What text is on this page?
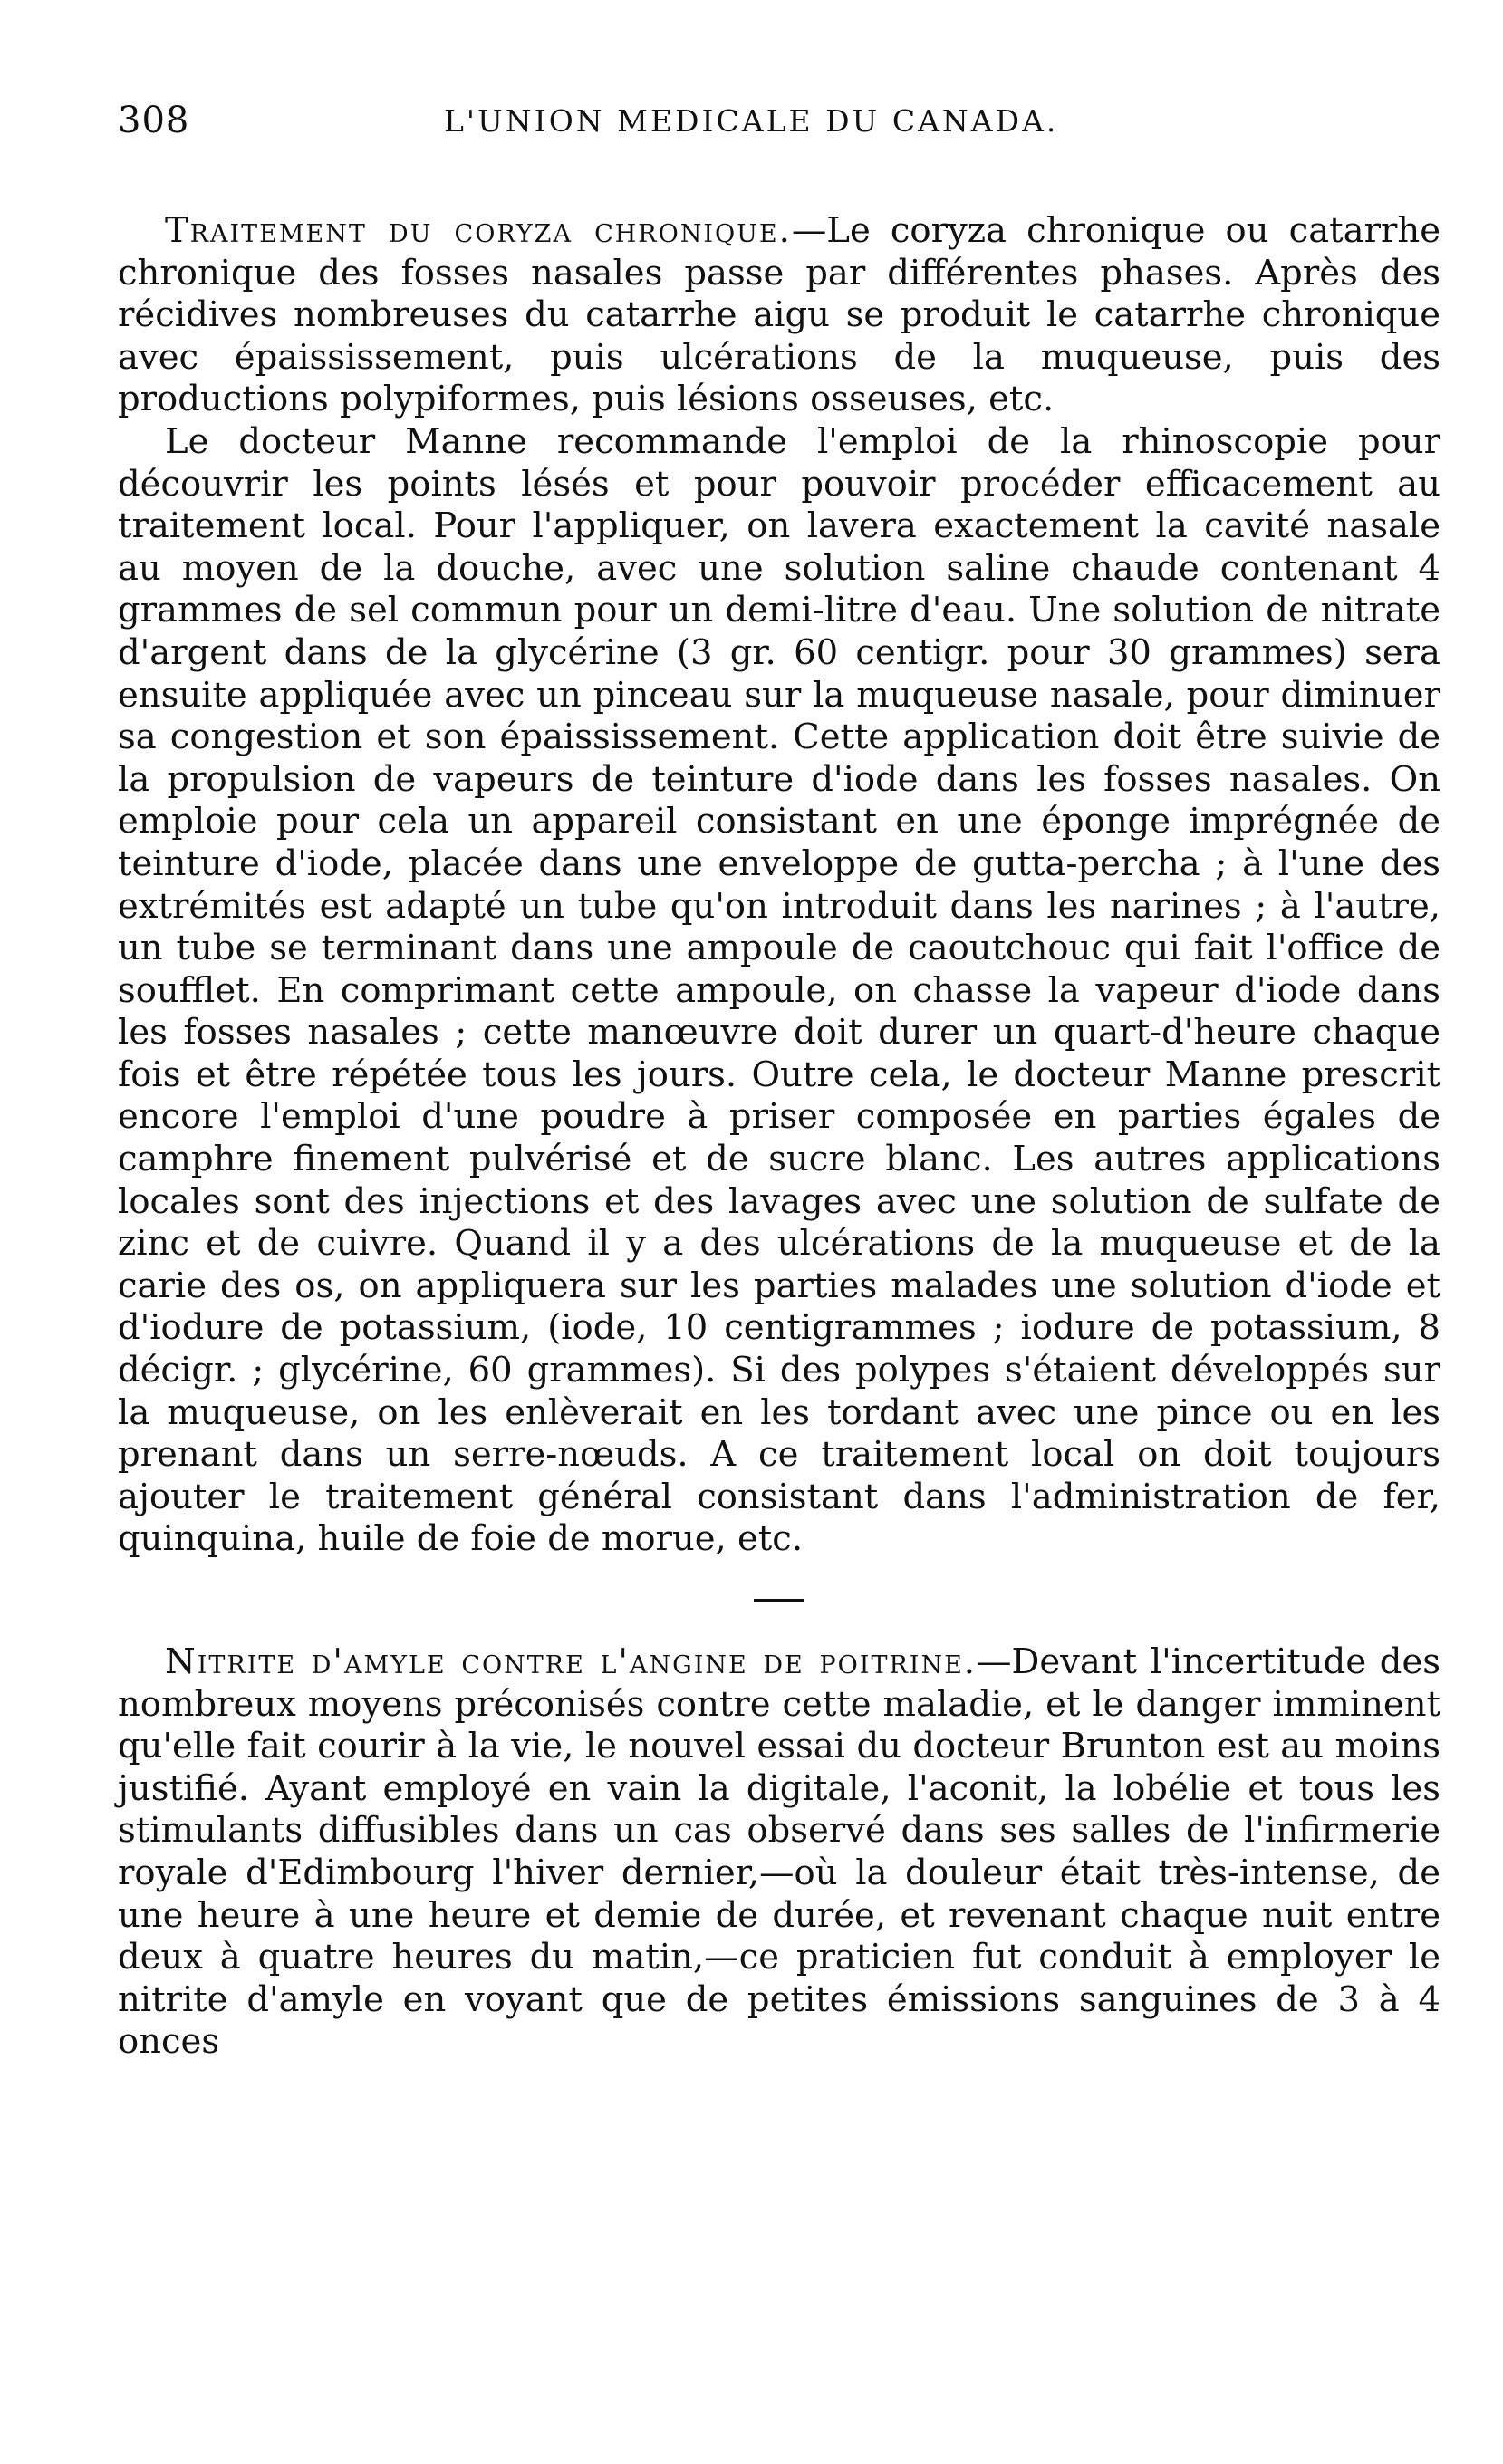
308	L'UNION MEDICALE DU CANADA.

Traitement du coryza chronique.—Le coryza chronique ou catarrhe chronique des fosses nasales passe par différentes phases. Après des récidives nombreuses du catarrhe aigu se produit le catarrhe chronique avec épaississement, puis ulcérations de la muqueuse, puis des productions polypiformes, puis lésions osseuses, etc.

Le docteur Manne recommande l'emploi de la rhinoscopie pour découvrir les points lésés et pour pouvoir procéder efficacement au traitement local. Pour l'appliquer, on lavera exactement la cavité nasale au moyen de la douche, avec une solution saline chaude contenant 4 grammes de sel commun pour un demi-litre d'eau. Une solution de nitrate d'argent dans de la glycérine (3 gr. 60 centigr. pour 30 grammes) sera ensuite appliquée avec un pinceau sur la muqueuse nasale, pour diminuer sa congestion et son épaississement. Cette application doit être suivie de la propulsion de vapeurs de teinture d'iode dans les fosses nasales. On emploie pour cela un appareil consistant en une éponge imprégnée de teinture d'iode, placée dans une enveloppe de gutta-percha ; à l'une des extrémités est adapté un tube qu'on introduit dans les narines ; à l'autre, un tube se terminant dans une ampoule de caoutchouc qui fait l'office de soufflet. En comprimant cette ampoule, on chasse la vapeur d'iode dans les fosses nasales ; cette manœuvre doit durer un quart-d'heure chaque fois et être répétée tous les jours. Outre cela, le docteur Manne prescrit encore l'emploi d'une poudre à priser composée en parties égales de camphre finement pulvérisé et de sucre blanc. Les autres applications locales sont des injections et des lavages avec une solution de sulfate de zinc et de cuivre. Quand il y a des ulcérations de la muqueuse et de la carie des os, on appliquera sur les parties malades une solution d'iode et d'iodure de potassium, (iode, 10 centigrammes ; iodure de potassium, 8 décigr. ; glycérine, 60 grammes). Si des polypes s'étaient développés sur la muqueuse, on les enlèverait en les tordant avec une pince ou en les prenant dans un serre-nœuds. A ce traitement local on doit toujours ajouter le traitement général consistant dans l'administration de fer, quinquina, huile de foie de morue, etc.

Nitrite d'amyle contre l'angine de poitrine.—Devant l'incertitude des nombreux moyens préconisés contre cette maladie, et le danger imminent qu'elle fait courir à la vie, le nouvel essai du docteur Brunton est au moins justifié. Ayant employé en vain la digitale, l'aconit, la lobélie et tous les stimulants diffusibles dans un cas observé dans ses salles de l'infirmerie royale d'Edimbourg l'hiver dernier,—où la douleur était très-intense, de une heure à une heure et demie de durée, et revenant chaque nuit entre deux à quatre heures du matin,—ce praticien fut conduit à employer le nitrite d'amyle en voyant que de petites émissions sanguines de 3 à 4 onces
